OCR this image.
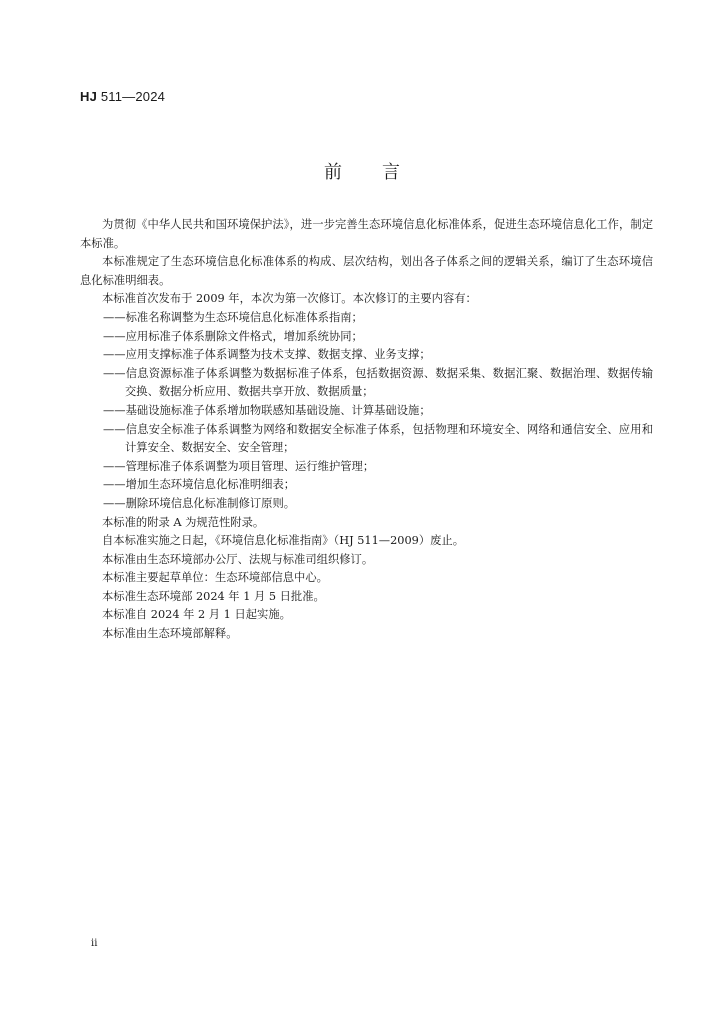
HJ 511—2024
前言

为贯彻《中华人民共和国环境保护法》，进一步完善生态环境信息化标准体系，促进生态环境信息化工作，制定本标准。

本标准规定了生态环境信息化标准体系的构成、层次结构，划出各子体系之间的逻辑关系，编订了生态环境信息化标准明细表。

本标准首次发布于 2009 年，本次为第一次修订。本次修订的主要内容有：

——标准名称调整为生态环境信息化标准体系指南；

——应用标准子体系删除文件格式，增加系统协同；

——应用支撑标准子体系调整为技术支撑、数据支撑、业务支撑；

——信息资源标准子体系调整为数据标准子体系，包括数据资源、数据采集、数据汇聚、数据治理、数据传输交换、数据分析应用、数据共享开放、数据质量；

——基础设施标准子体系增加物联感知基础设施、计算基础设施；

——信息安全标准子体系调整为网络和数据安全标准子体系，包括物理和环境安全、网络和通信安全、应用和计算安全、数据安全、安全管理；

——管理标准子体系调整为项目管理、运行维护管理；

——增加生态环境信息化标准明细表；

——删除环境信息化标准制修订原则。

本标准的附录 A 为规范性附录。

自本标准实施之日起，《环境信息化标准指南》（HJ 511—2009）废止。

本标准由生态环境部办公厅、法规与标准司组织修订。

本标准主要起草单位：生态环境部信息中心。

本标准生态环境部 2024 年 1 月 5 日批准。

本标准自 2024 年 2 月 1 日起实施。

本标准由生态环境部解释。

ii
